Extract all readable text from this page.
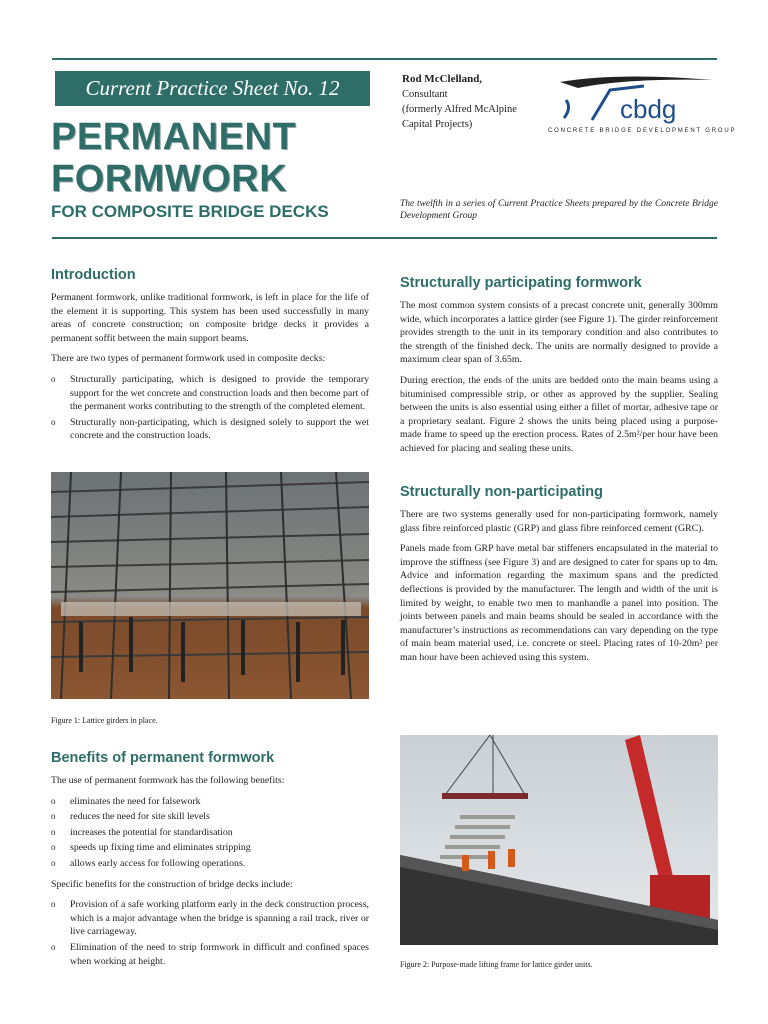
Current Practice Sheet No. 12
PERMANENT
FORMWORK
FOR COMPOSITE BRIDGE DECKS
Rod McClelland,
Consultant
(formerly Alfred McAlpine
Capital Projects)
cbdg
CONCRETE BRIDGE DEVELOPMENT GROUP
The twelfth in a series of Current Practice Sheets prepared by the Concrete Bridge Development Group
Introduction

Permanent formwork, unlike traditional formwork, is left in place for the life of the element it is supporting. This system has been used successfully in many areas of concrete construction; on composite bridge decks it provides a permanent soffit between the main support beams.

There are two types of permanent formwork used in composite decks:

o Structurally participating, which is designed to provide the temporary support for the wet concrete and construction loads and then become part of the permanent works contributing to the strength of the completed element.
o Structurally non-participating, which is designed solely to support the wet concrete and the construction loads.
Figure 1: Lattice girders in place.
Benefits of permanent formwork

The use of permanent formwork has the following benefits:

o eliminates the need for falsework
o reduces the need for site skill levels
o increases the potential for standardisation
o speeds up fixing time and eliminates stripping
o allows early access for following operations.

Specific benefits for the construction of bridge decks include:

o Provision of a safe working platform early in the deck construction process, which is a major advantage when the bridge is spanning a rail track, river or live carriageway.
o Elimination of the need to strip formwork in difficult and confined spaces when working at height.
Structurally participating formwork

The most common system consists of a precast concrete unit, generally 300mm wide, which incorporates a lattice girder (see Figure 1). The girder reinforcement provides strength to the unit in its temporary condition and also contributes to the strength of the finished deck. The units are normally designed to provide a maximum clear span of 3.65m.

During erection, the ends of the units are bedded onto the main beams using a bituminised compressible strip, or other as approved by the supplier. Sealing between the units is also essential using either a fillet of mortar, adhesive tape or a proprietary sealant. Figure 2 shows the units being placed using a purpose-made frame to speed up the erection process. Rates of 2.5m²/per hour have been achieved for placing and sealing these units.

Structurally non-participating

There are two systems generally used for non-participating formwork, namely glass fibre reinforced plastic (GRP) and glass fibre reinforced cement (GRC).

Panels made from GRP have metal bar stiffeners encapsulated in the material to improve the stiffness (see Figure 3) and are designed to cater for spans up to 4m. Advice and information regarding the maximum spans and the predicted deflections is provided by the manufacturer. The length and width of the unit is limited by weight, to enable two men to manhandle a panel into position. The joints between panels and main beams should be sealed in accordance with the manufacturer’s instructions as recommendations can vary depending on the type of main beam material used, i.e. concrete or steel. Placing rates of 10-20m² per man hour have been achieved using this system.

Figure 2: Purpose-made lifting frame for lattice girder units.
